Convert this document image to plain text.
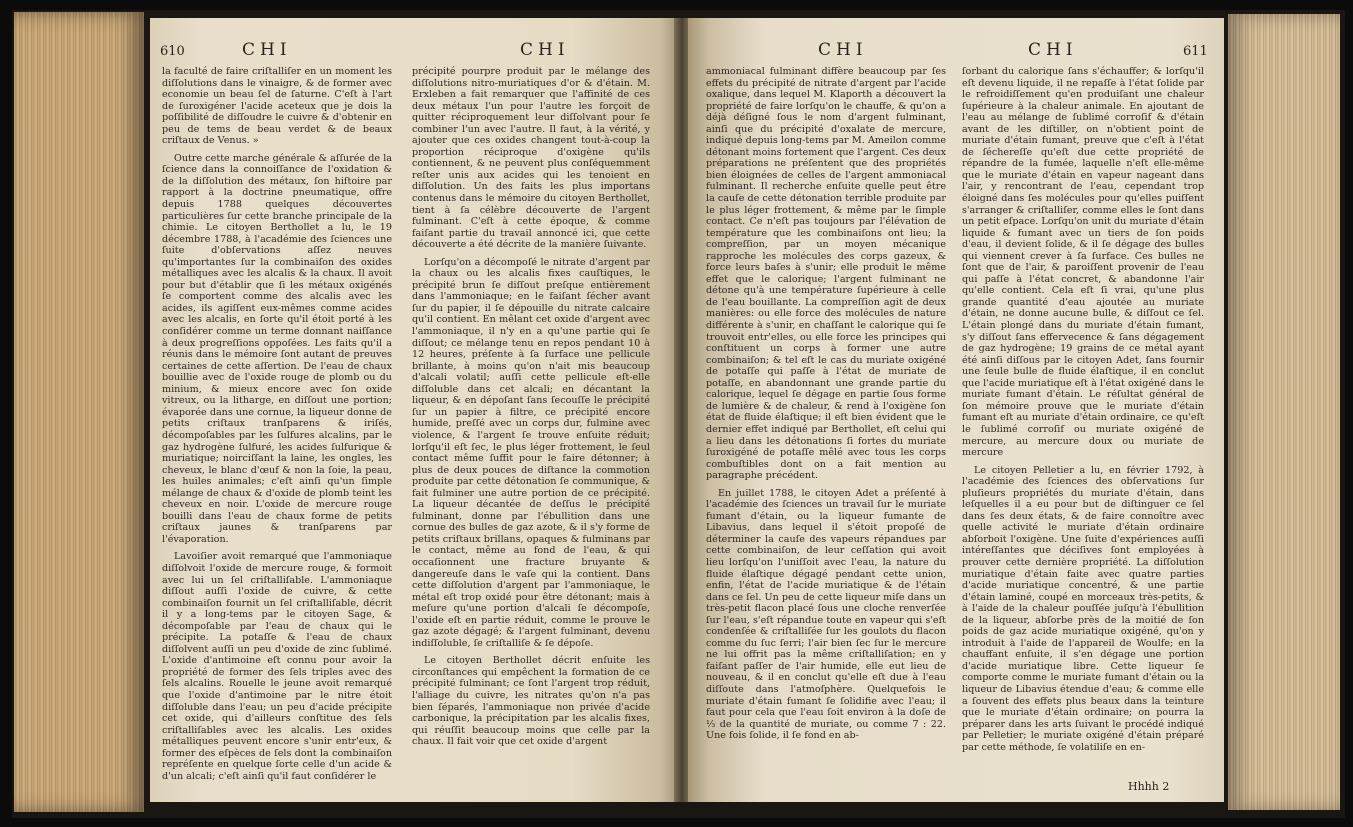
610	CHI	CHI

la faculté de faire criſtalliſer en un moment les diſſolutions dans le vinaigre, & de former avec economie un beau ſel de ſaturne. C'eſt à l'art de ſuroxigéner l'acide aceteux que je dois la poſſibilité de diſſoudre le cuivre & d'obtenir en peu de tems de beau verdet & de beaux criſtaux de Venus. »

Outre cette marche générale & aſſurée de la ſcience dans la connoiſſance de l'oxidation & de la diſſolution des métaux, ſon hiſtoire par rapport à la doctrine pneumatique, offre depuis 1788 quelques découvertes particulières ſur cette branche principale de la chimie. Le citoyen Berthollet a lu, le 19 décembre 1788, à l'académie des ſciences une ſuite d'obſervations aſſez neuves qu'importantes ſur la combinaiſon des oxides métalliques avec les alcalis & la chaux. Il avoit pour but d'établir que ſi les métaux oxigénés ſe comportent comme des alcalis avec les acides, ils agiſſent eux-mêmes comme acides avec les alcalis, en ſorte qu'il étoit porté à les conſidérer comme un terme donnant naiſſance à deux progreſſions oppoſées. Les faits qu'il a réunis dans le mémoire ſont autant de preuves certaines de cette aſſertion. De l'eau de chaux bouillie avec de l'oxide rouge de plomb ou du minium, & mieux encore avec ſon oxide vitreux, ou la litharge, en diſſout une portion; évaporée dans une cornue, la liqueur donne de petits criſtaux tranſparens & iriſés, décompoſables par les ſulfures alcalins, par le gaz hydrogène ſulfuré, les acides ſulfurique & muriatique; noirciſſant la laine, les ongles, les cheveux, le blanc d'œuf & non la ſoie, la peau, les huiles animales; c'eſt ainſi qu'un ſimple mélange de chaux & d'oxide de plomb teint les cheveux en noir. L'oxide de mercure rouge bouilli dans l'eau de chaux forme de petits criſtaux jaunes & tranſparens par l'évaporation.

Lavoiſier avoit remarqué que l'ammoniaque diſſolvoit l'oxide de mercure rouge, & formoit avec lui un ſel criſtalliſable. L'ammoniaque diſſout auſſi l'oxide de cuivre, & cette combinaiſon fournit un ſel criſtalliſable, décrit il y a long-tems par le citoyen Sage, & décompoſable par l'eau de chaux qui le précipite. La potaſſe & l'eau de chaux diſſolvent auſſi un peu d'oxide de zinc ſublimé. L'oxide d'antimoine eſt connu pour avoir la propriété de former des ſels triples avec des ſels alcalins. Rouelle le jeune avoit remarqué que l'oxide d'antimoine par le nitre étoit diſſoluble dans l'eau; un peu d'acide précipite cet oxide, qui d'ailleurs conſtitue des ſels criſtalliſables avec les alcalis. Les oxides métalliques peuvent encore s'unir entr'eux, & former des eſpèces de ſels dont la combinaiſon repréſente en quelque ſorte celle d'un acide & d'un alcali; c'eſt ainſi qu'il faut conſidérer le

précipité pourpre produit par le mélange des diſſolutions nitro-muriatiques d'or & d'étain. M. Erxleben a fait remarquer que l'affinité de ces deux métaux l'un pour l'autre les forçoit de quitter réciproquement leur diſſolvant pour ſe combiner l'un avec l'autre. Il faut, à la vérité, y ajouter que ces oxides changent tout-à-coup la proportion réciproque d'oxigène qu'ils contiennent, & ne peuvent plus conſéquemment reſter unis aux acides qui les tenoient en diſſolution. Un des faits les plus importans contenus dans le mémoire du citoyen Berthollet, tient à ſa célèbre découverte de l'argent fulminant. C'eſt à cette époque, & comme faiſant partie du travail annoncé ici, que cette découverte a été décrite de la manière ſuivante.

Lorſqu'on a décompoſé le nitrate d'argent par la chaux ou les alcalis fixes cauſtiques, le précipité brun ſe diſſout preſque entièrement dans l'ammoniaque; en le faiſant ſécher avant ſur du papier, il ſe dépouille du nitrate calcaire qu'il contient. En mêlant cet oxide d'argent avec l'ammoniaque, il n'y en a qu'une partie qui ſe diſſout; ce mélange tenu en repos pendant 10 à 12 heures, préſente à ſa ſurface une pellicule brillante, à moins qu'on n'ait mis beaucoup d'alcali volatil; auſſi cette pellicule eſt-elle diſſoluble dans cet alcali; en décantant la liqueur, & en dépoſant ſans ſecouſſe le précipité ſur un papier à filtre, ce précipité encore humide, preſſé avec un corps dur, fulmine avec violence, & l'argent ſe trouve enſuite réduit; lorſqu'il eſt ſec, le plus léger frottement, le ſeul contact même ſuffit pour le faire détonner; à plus de deux pouces de diſtance la commotion produite par cette détonation ſe communique, & fait fulminer une autre portion de ce précipité. La liqueur décantée de deſſus le précipité fulminant, donne par l'ébullition dans une cornue des bulles de gaz azote, & il s'y forme de petits criſtaux brillans, opaques & fulminans par le contact, même au fond de l'eau, & qui occaſionnent une fracture bruyante & dangereuſe dans le vaſe qui la contient. Dans cette diſſolution d'argent par l'ammoniaque, le métal eſt trop oxidé pour être détonant; mais à meſure qu'une portion d'alcali ſe décompoſe, l'oxide eſt en partie réduit, comme le prouve le gaz azote dégagé; & l'argent fulminant, devenu indiſſoluble, ſe criſtalliſe & ſe dépoſe.

Le citoyen Berthollet décrit enſuite les circonſtances qui empêchent la formation de ce précipité fulminant; ce ſont l'argent trop réduit, l'alliage du cuivre, les nitrates qu'on n'a pas bien ſéparés, l'ammoniaque non privée d'acide carbonique, la précipitation par les alcalis fixes, qui réuſſit beaucoup moins que celle par la chaux. Il fait voir que cet oxide d'argent

CHI	CHI	611

ammoniacal fulminant diffère beaucoup par ſes effets du précipité de nitrate d'argent par l'acide oxalique, dans lequel M. Klaporth a découvert la propriété de faire lorſqu'on le chauffe, & qu'on a déjà déſigné ſous le nom d'argent fulminant, ainſi que du précipité d'oxalate de mercure, indiqué depuis long-tems par M. Ameilon comme détonant moins fortement que l'argent. Ces deux préparations ne préſentent que des propriétés bien éloignées de celles de l'argent ammoniacal fulminant. Il recherche enſuite quelle peut être la cauſe de cette détonation terrible produite par le plus léger frottement, & même par le ſimple contact. Ce n'eſt pas toujours par l'élévation de température que les combinaiſons ont lieu; la compreſſion, par un moyen mécanique rapproche les molécules des corps gazeux, & force leurs baſes à s'unir; elle produit le même effet que le calorique; l'argent fulminant ne détone qu'à une température ſupérieure à celle de l'eau bouillante. La compreſſion agit de deux manières: ou elle force des molécules de nature différente à s'unir, en chaſſant le calorique qui ſe trouvoit entr'elles, ou elle force les principes qui conſtituent un corps à former une autre combinaiſon; & tel eſt le cas du muriate oxigéné de potaſſe qui paſſe à l'état de muriate de potaſſe, en abandonnant une grande partie du calorique, lequel ſe dégage en partie ſous forme de lumière & de chaleur, & rend à l'oxigène ſon état de fluide élaſtique; il eſt bien évident que le dernier effet indiqué par Berthollet, eſt celui qui a lieu dans les détonations ſi fortes du muriate ſuroxigéné de potaſſe mêlé avec tous les corps combuſtibles dont on a fait mention au paragraphe précédent.

En juillet 1788, le citoyen Adet a préſenté à l'académie des ſciences un travail ſur le muriate fumant d'étain, ou la liqueur fumante de Libavius, dans lequel il s'étoit propoſé de déterminer la cauſe des vapeurs répandues par cette combinaiſon, de leur ceſſation qui avoit lieu lorſqu'on l'uniſſoit avec l'eau, la nature du fluide élaſtique dégagé pendant cette union, enfin, l'état de l'acide muriatique & de l'étain dans ce ſel. Un peu de cette liqueur miſe dans un très-petit flacon placé ſous une cloche renverſée ſur l'eau, s'eſt répandue toute en vapeur qui s'eſt condenſée & criſtalliſée ſur les goulots du flacon comme du ſuc ſerri; l'air bien ſec ſur le mercure ne lui offrit pas la même criſtalliſation; en y faiſant paſſer de l'air humide, elle eut lieu de nouveau, & il en conclut qu'elle eſt due à l'eau diſſoute dans l'atmoſphère. Quelquefois le muriate d'étain fumant ſe ſolidifie avec l'eau; il faut pour cela que l'eau ſoit environ à la doſe de ⅓ de la quantité de muriate, ou comme 7 : 22. Une fois ſolide, il ſe fond en ab-

ſorbant du calorique ſans s'échauffer; & lorſqu'il eſt devenu liquide, il ne repaſſe à l'état ſolide par le refroidiſſement qu'en produiſant une chaleur ſupérieure à la chaleur animale. En ajoutant de l'eau au mélange de ſublimé corroſif & d'étain avant de les diſtiller, on n'obtient point de muriate d'étain fumant, preuve que c'eſt à l'état de ſéchereſſe qu'eſt due cette propriété de répandre de la fumée, laquelle n'eſt elle-même que le muriate d'étain en vapeur nageant dans l'air, y rencontrant de l'eau, cependant trop éloigné dans ſes molécules pour qu'elles puiſſent s'arranger & criſtalliſer, comme elles le ſont dans un petit eſpace. Lorſqu'on unit du muriate d'étain liquide & fumant avec un tiers de ſon poids d'eau, il devient ſolide, & il ſe dégage des bulles qui viennent crever à ſa ſurface. Ces bulles ne ſont que de l'air, & paroiſſent provenir de l'eau qui paſſe à l'état concret, & abandonne l'air qu'elle contient. Cela eſt ſi vrai, qu'une plus grande quantité d'eau ajoutée au muriate d'étain, ne donne aucune bulle, & diſſout ce ſel. L'étain plongé dans du muriate d'étain fumant, s'y diſſout ſans effervecence & ſans dégagement de gaz hydrogène; 19 grains de ce métal ayant été ainſi diſſous par le citoyen Adet, ſans fournir une ſeule bulle de fluide élaſtique, il en conclut que l'acide muriatique eſt à l'état oxigéné dans le muriate fumant d'étain. Le réſultat général de ſon mémoire prouve que le muriate d'étain fumant eſt au muriate d'étain ordinaire, ce qu'eſt le ſublimé corroſif ou muriate oxigéné de mercure, au mercure doux ou muriate de mercure

Le citoyen Pelletier a lu, en février 1792, à l'académie des ſciences des obſervations ſur pluſieurs propriétés du muriate d'étain, dans leſquelles il a eu pour but de diſtinguer ce ſel dans ſes deux états, & de faire connoître avec quelle activité le muriate d'étain ordinaire abſorboit l'oxigène. Une ſuite d'expériences auſſi intéreſſantes que déciſives ſont employées à prouver cette dernière propriété. La diſſolution muriatique d'étain faite avec quatre parties d'acide muriatique concentré, & une partie d'étain laminé, coupé en morceaux très-petits, & à l'aide de la chaleur pouſſée juſqu'à l'ébullition de la liqueur, abſorbe près de la moitié de ſon poids de gaz acide muriatique oxigéné, qu'on y introduit à l'aide de l'appareil de Woulfe; en la chauffant enſuite, il s'en dégage une portion d'acide muriatique libre. Cette liqueur ſe comporte comme le muriate fumant d'étain ou la liqueur de Libavius étendue d'eau; & comme elle a ſouvent des effets plus beaux dans la teinture que le muriate d'étain ordinaire; on pourra la préparer dans les arts ſuivant le procédé indiqué par Pelletier; le muriate oxigéné d'étain préparé par cette méthode, ſe volatiliſe en en-

Hhhh 2
